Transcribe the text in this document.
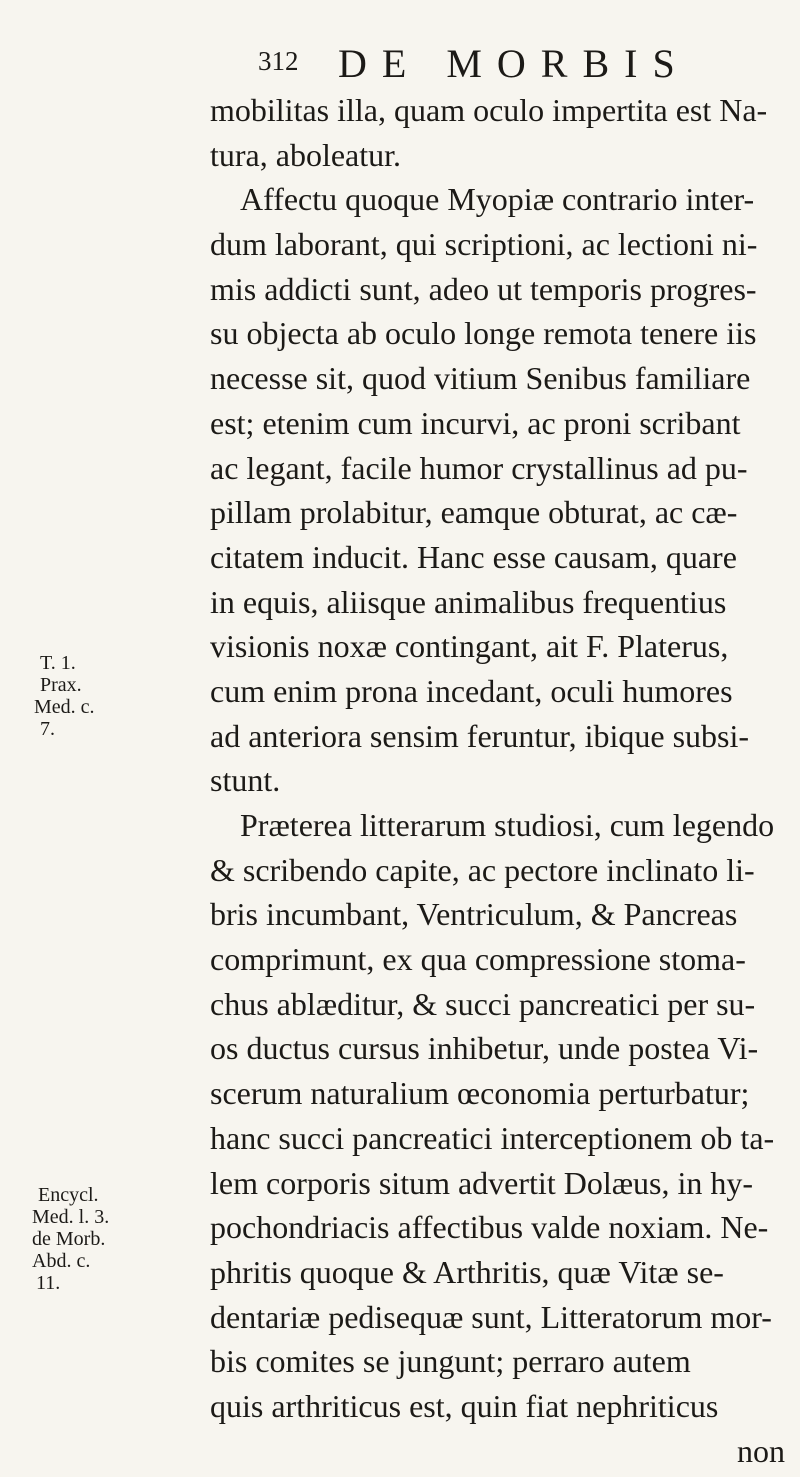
312 DE MORBIS
T. 1.
Prax.
Med. c.
7.
Encycl.
Med. l. 3.
de Morb.
Abd. c.
11.
mobilitas illa, quam oculo impertita est Na-
tura, aboleatur.
Affectu quoque Myopiæ contrario inter-
dum laborant, qui scriptioni, ac lectioni ni-
mis addicti sunt, adeo ut temporis progres-
su objecta ab oculo longe remota tenere iis
necesse sit, quod vitium Senibus familiare
est; etenim cum incurvi, ac proni scribant
ac legant, facile humor crystallinus ad pu-
pillam prolabitur, eamque obturat, ac cæ-
citatem inducit. Hanc esse causam, quare
in equis, aliisque animalibus frequentius
visionis noxæ contingant, ait F. Platerus,
cum enim prona incedant, oculi humores
ad anteriora sensim feruntur, ibique subsi-
stunt.
Præterea litterarum studiosi, cum legendo
& scribendo capite, ac pectore inclinato li-
bris incumbant, Ventriculum, & Pancreas
comprimunt, ex qua compressione stoma-
chus ablæditur, & succi pancreatici per su-
os ductus cursus inhibetur, unde postea Vi-
scerum naturalium œconomia perturbatur;
hanc succi pancreatici interceptionem ob ta-
lem corporis situm advertit Dolæus, in hy-
pochondriacis affectibus valde noxiam. Ne-
phritis quoque & Arthritis, quæ Vitæ se-
dentariæ pedisequæ sunt, Litteratorum mor-
bis comites se jungunt; perraro autem
quis arthriticus est, quin fiat nephriticus
non
